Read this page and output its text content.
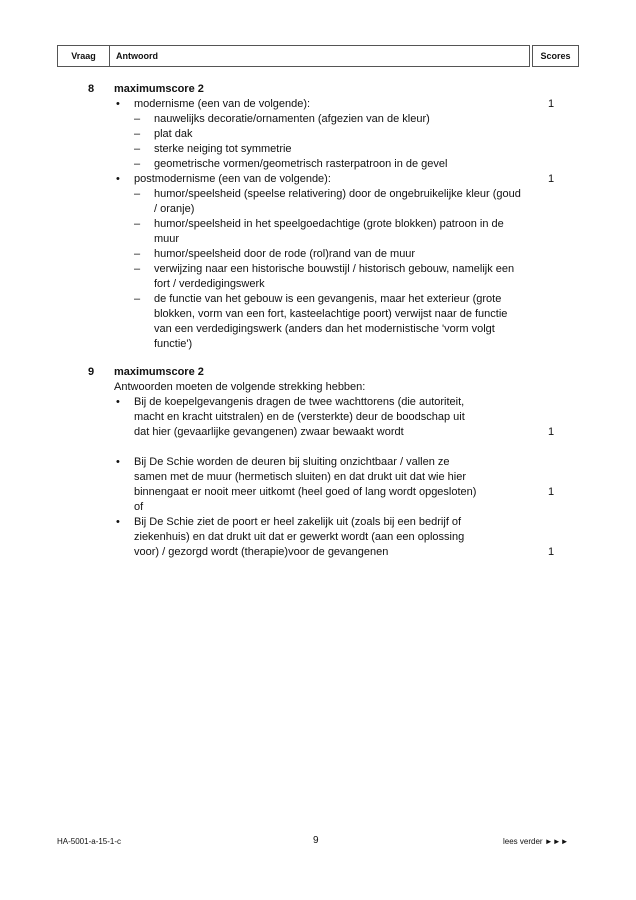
Vraag Antwoord	Scores
8 maximumscore 2
• modernisme (een van de volgende):	1
– nauwelijks decoratie/ornamenten (afgezien van de kleur)
– plat dak
– sterke neiging tot symmetrie
– geometrische vormen/geometrisch rasterpatroon in de gevel
• postmodernisme (een van de volgende):	1
– humor/speelsheid (speelse relativering) door de ongebruikelijke kleur (goud / oranje)
– humor/speelsheid in het speelgoedachtige (grote blokken) patroon in de muur
– humor/speelsheid door de rode (rol)rand van de muur
– verwijzing naar een historische bouwstijl / historisch gebouw, namelijk een fort / verdedigingswerk
– de functie van het gebouw is een gevangenis, maar het exterieur (grote blokken, vorm van een fort, kasteelachtige poort) verwijst naar de functie van een verdedigingswerk (anders dan het modernistische 'vorm volgt functie')
9 maximumscore 2
Antwoorden moeten de volgende strekking hebben:
• Bij de koepelgevangenis dragen de twee wachttorens (die autoriteit,
macht en kracht uitstralen) en de (versterkte) deur de boodschap uit
dat hier (gevaarlijke gevangenen) zwaar bewaakt wordt	1
• Bij De Schie worden de deuren bij sluiting onzichtbaar / vallen ze
samen met de muur (hermetisch sluiten) en dat drukt uit dat wie hier
binnengaat er nooit meer uitkomt (heel goed of lang wordt opgesloten)	1
of
• Bij De Schie ziet de poort er heel zakelijk uit (zoals bij een bedrijf of
ziekenhuis) en dat drukt uit dat er gewerkt wordt (aan een oplossing
voor) / gezorgd wordt (therapie)voor de gevangenen	1
HA-5001-a-15-1-c	9	lees verder ►►►
